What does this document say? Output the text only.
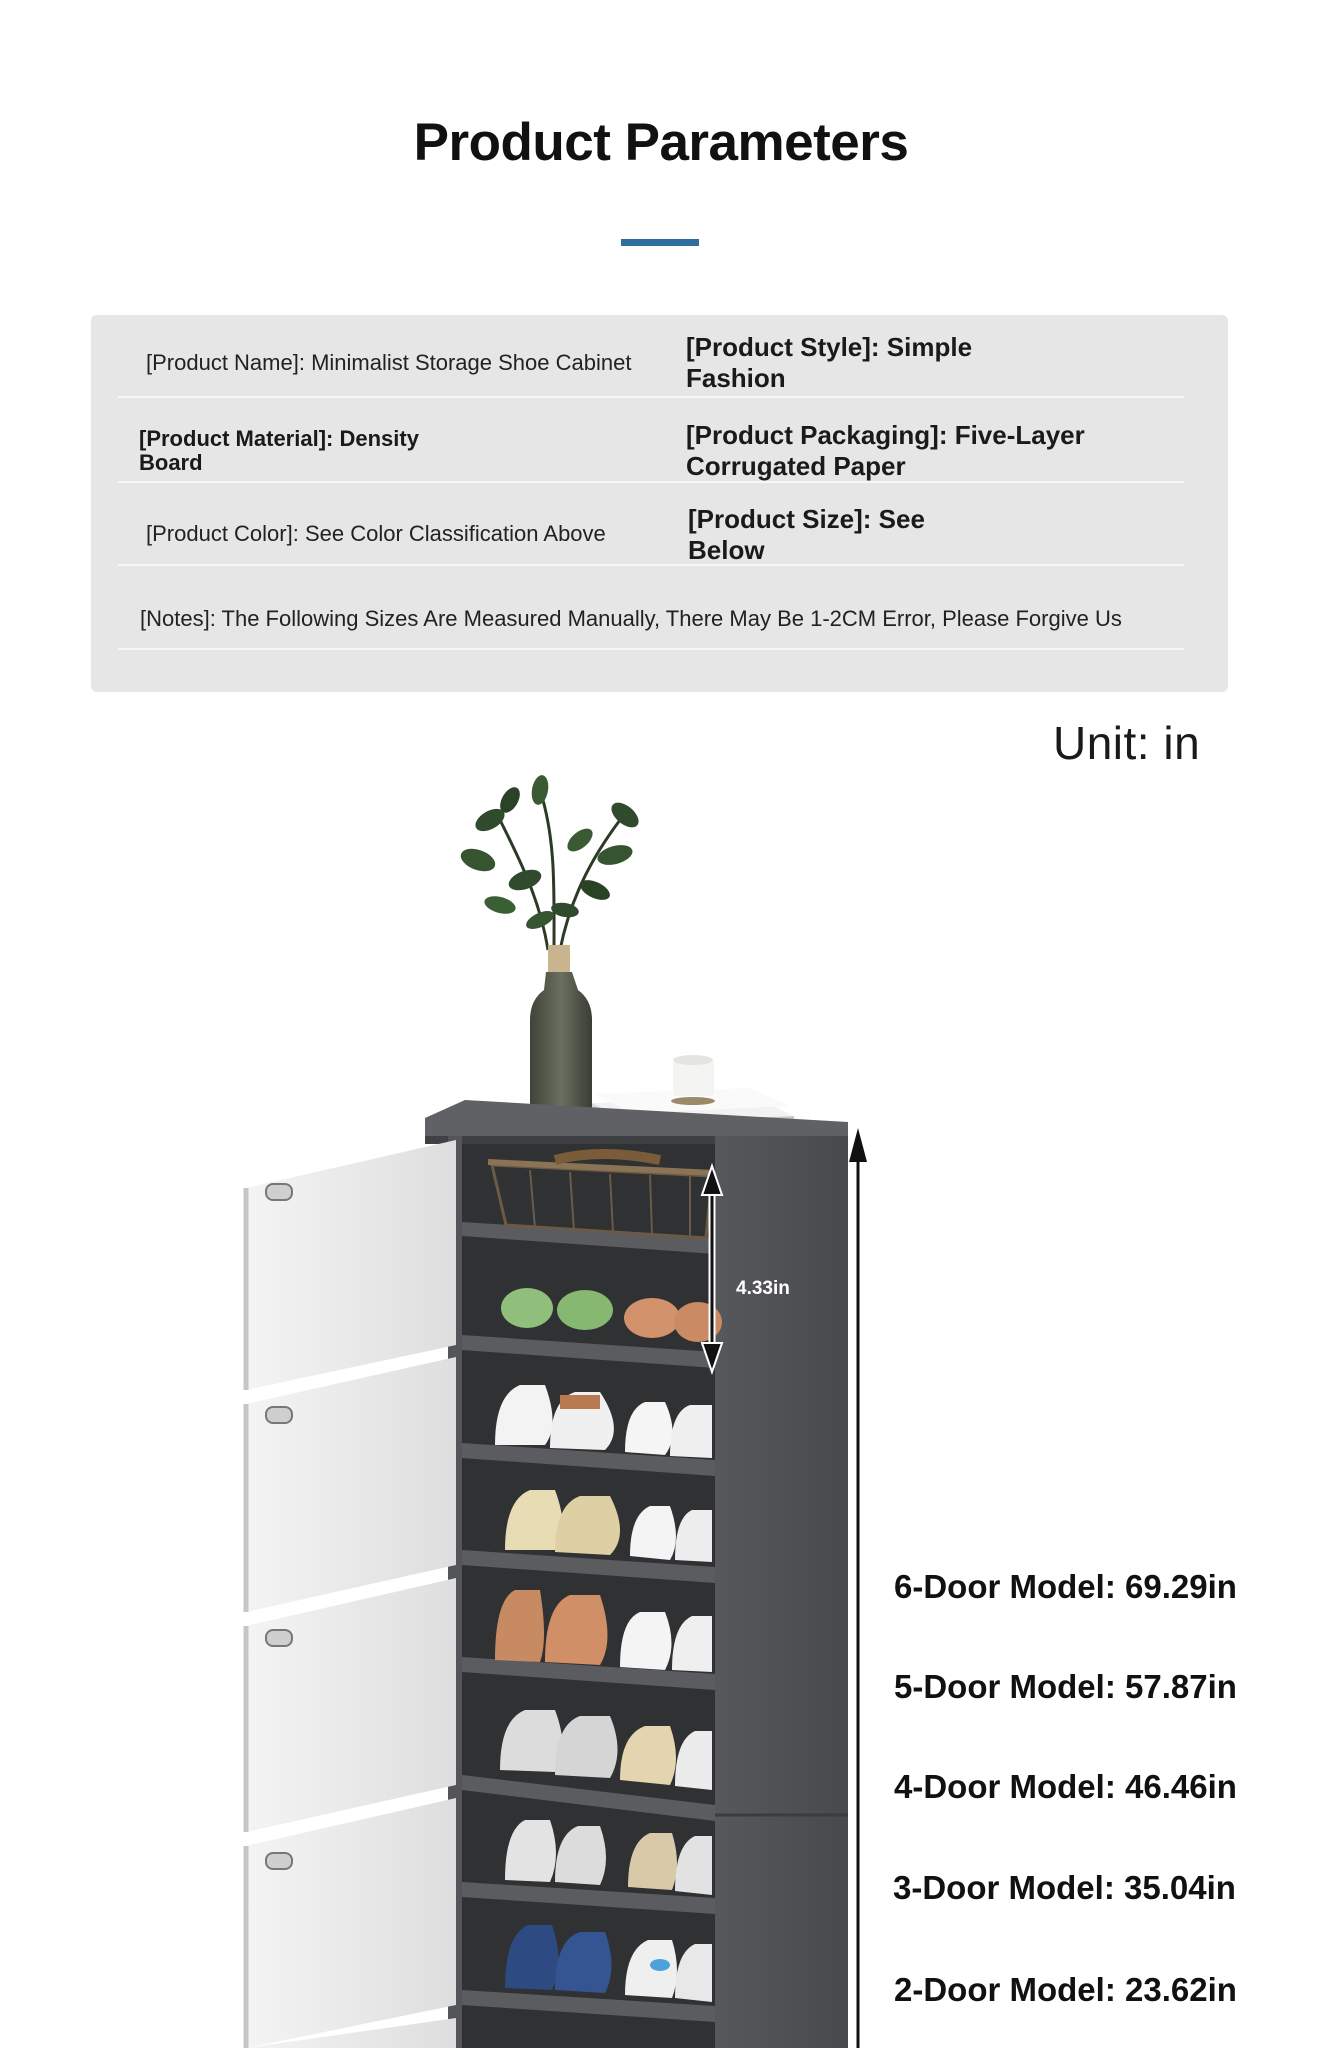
Product Parameters
[Product Name]: Minimalist Storage Shoe Cabinet
[Product Style]: Simple
Fashion
[Product Material]: Density
Board
[Product Packaging]: Five-Layer
Corrugated Paper
[Product Color]: See Color Classification Above	[Product Size]: See
Below
[Notes]: The Following Sizes Are Measured Manually, There May Be 1-2CM Error, Please Forgive Us
Unit: in
4.33in
6-Door Model: 69.29in
5-Door Model: 57.87in
4-Door Model: 46.46in
3-Door Model: 35.04in
2-Door Model: 23.62in
